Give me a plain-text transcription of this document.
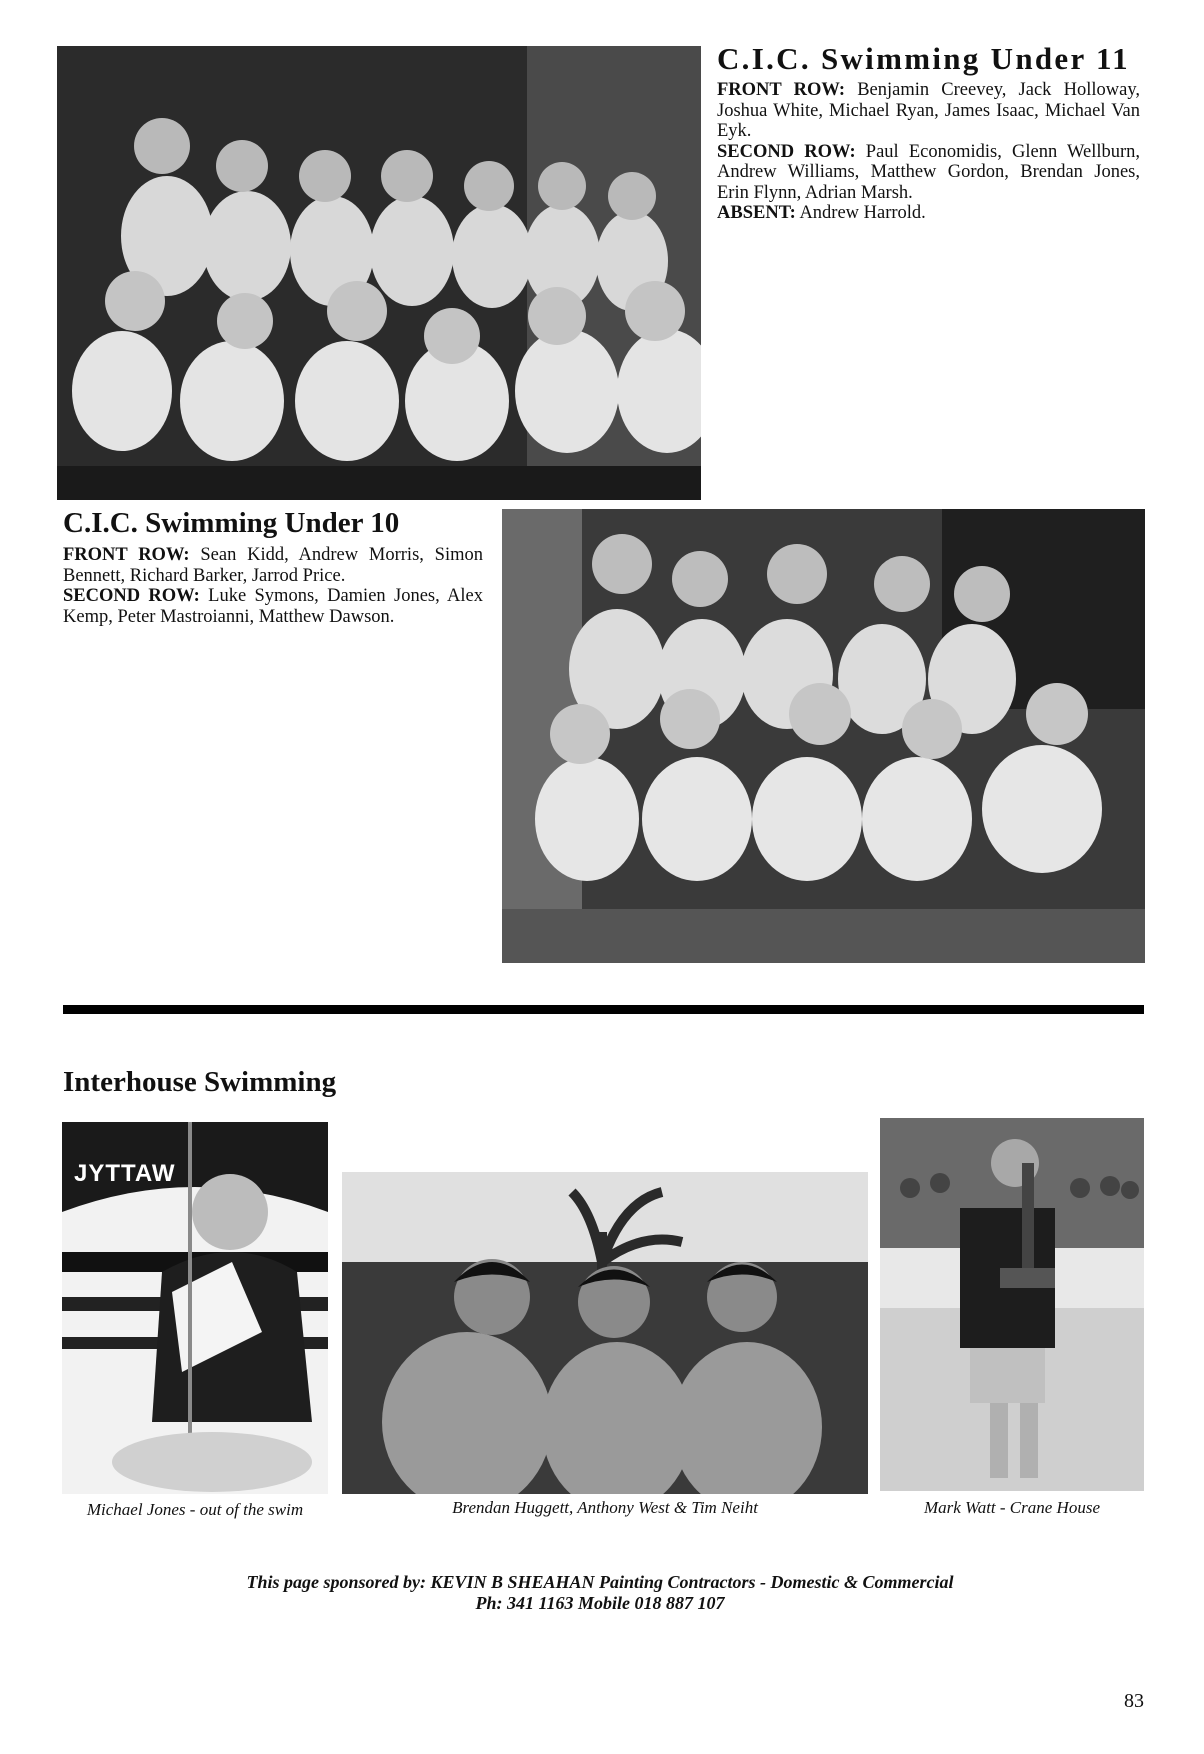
C.I.C. Swimming Under 11

FRONT ROW: Benjamin Creevey, Jack Holloway, Joshua White, Michael Ryan, James Isaac, Michael Van Eyk.

SECOND ROW: Paul Economidis, Glenn Wellburn, Andrew Williams, Matthew Gordon, Brendan Jones, Erin Flynn, Adrian Marsh.

ABSENT: Andrew Harrold.

C.I.C. Swimming Under 10

FRONT ROW: Sean Kidd, Andrew Morris, Simon Bennett, Richard Barker, Jarrod Price.

SECOND ROW: Luke Symons, Damien Jones, Alex Kemp, Peter Mastroianni, Matthew Dawson.

Interhouse Swimming
JYTTAW
Michael Jones - out of the swim	Brendan Huggett, Anthony West & Tim Neiht	Mark Watt - Crane House
This page sponsored by: KEVIN B SHEAHAN Painting Contractors - Domestic & Commercial
Ph: 341 1163 Mobile 018 887 107
83
